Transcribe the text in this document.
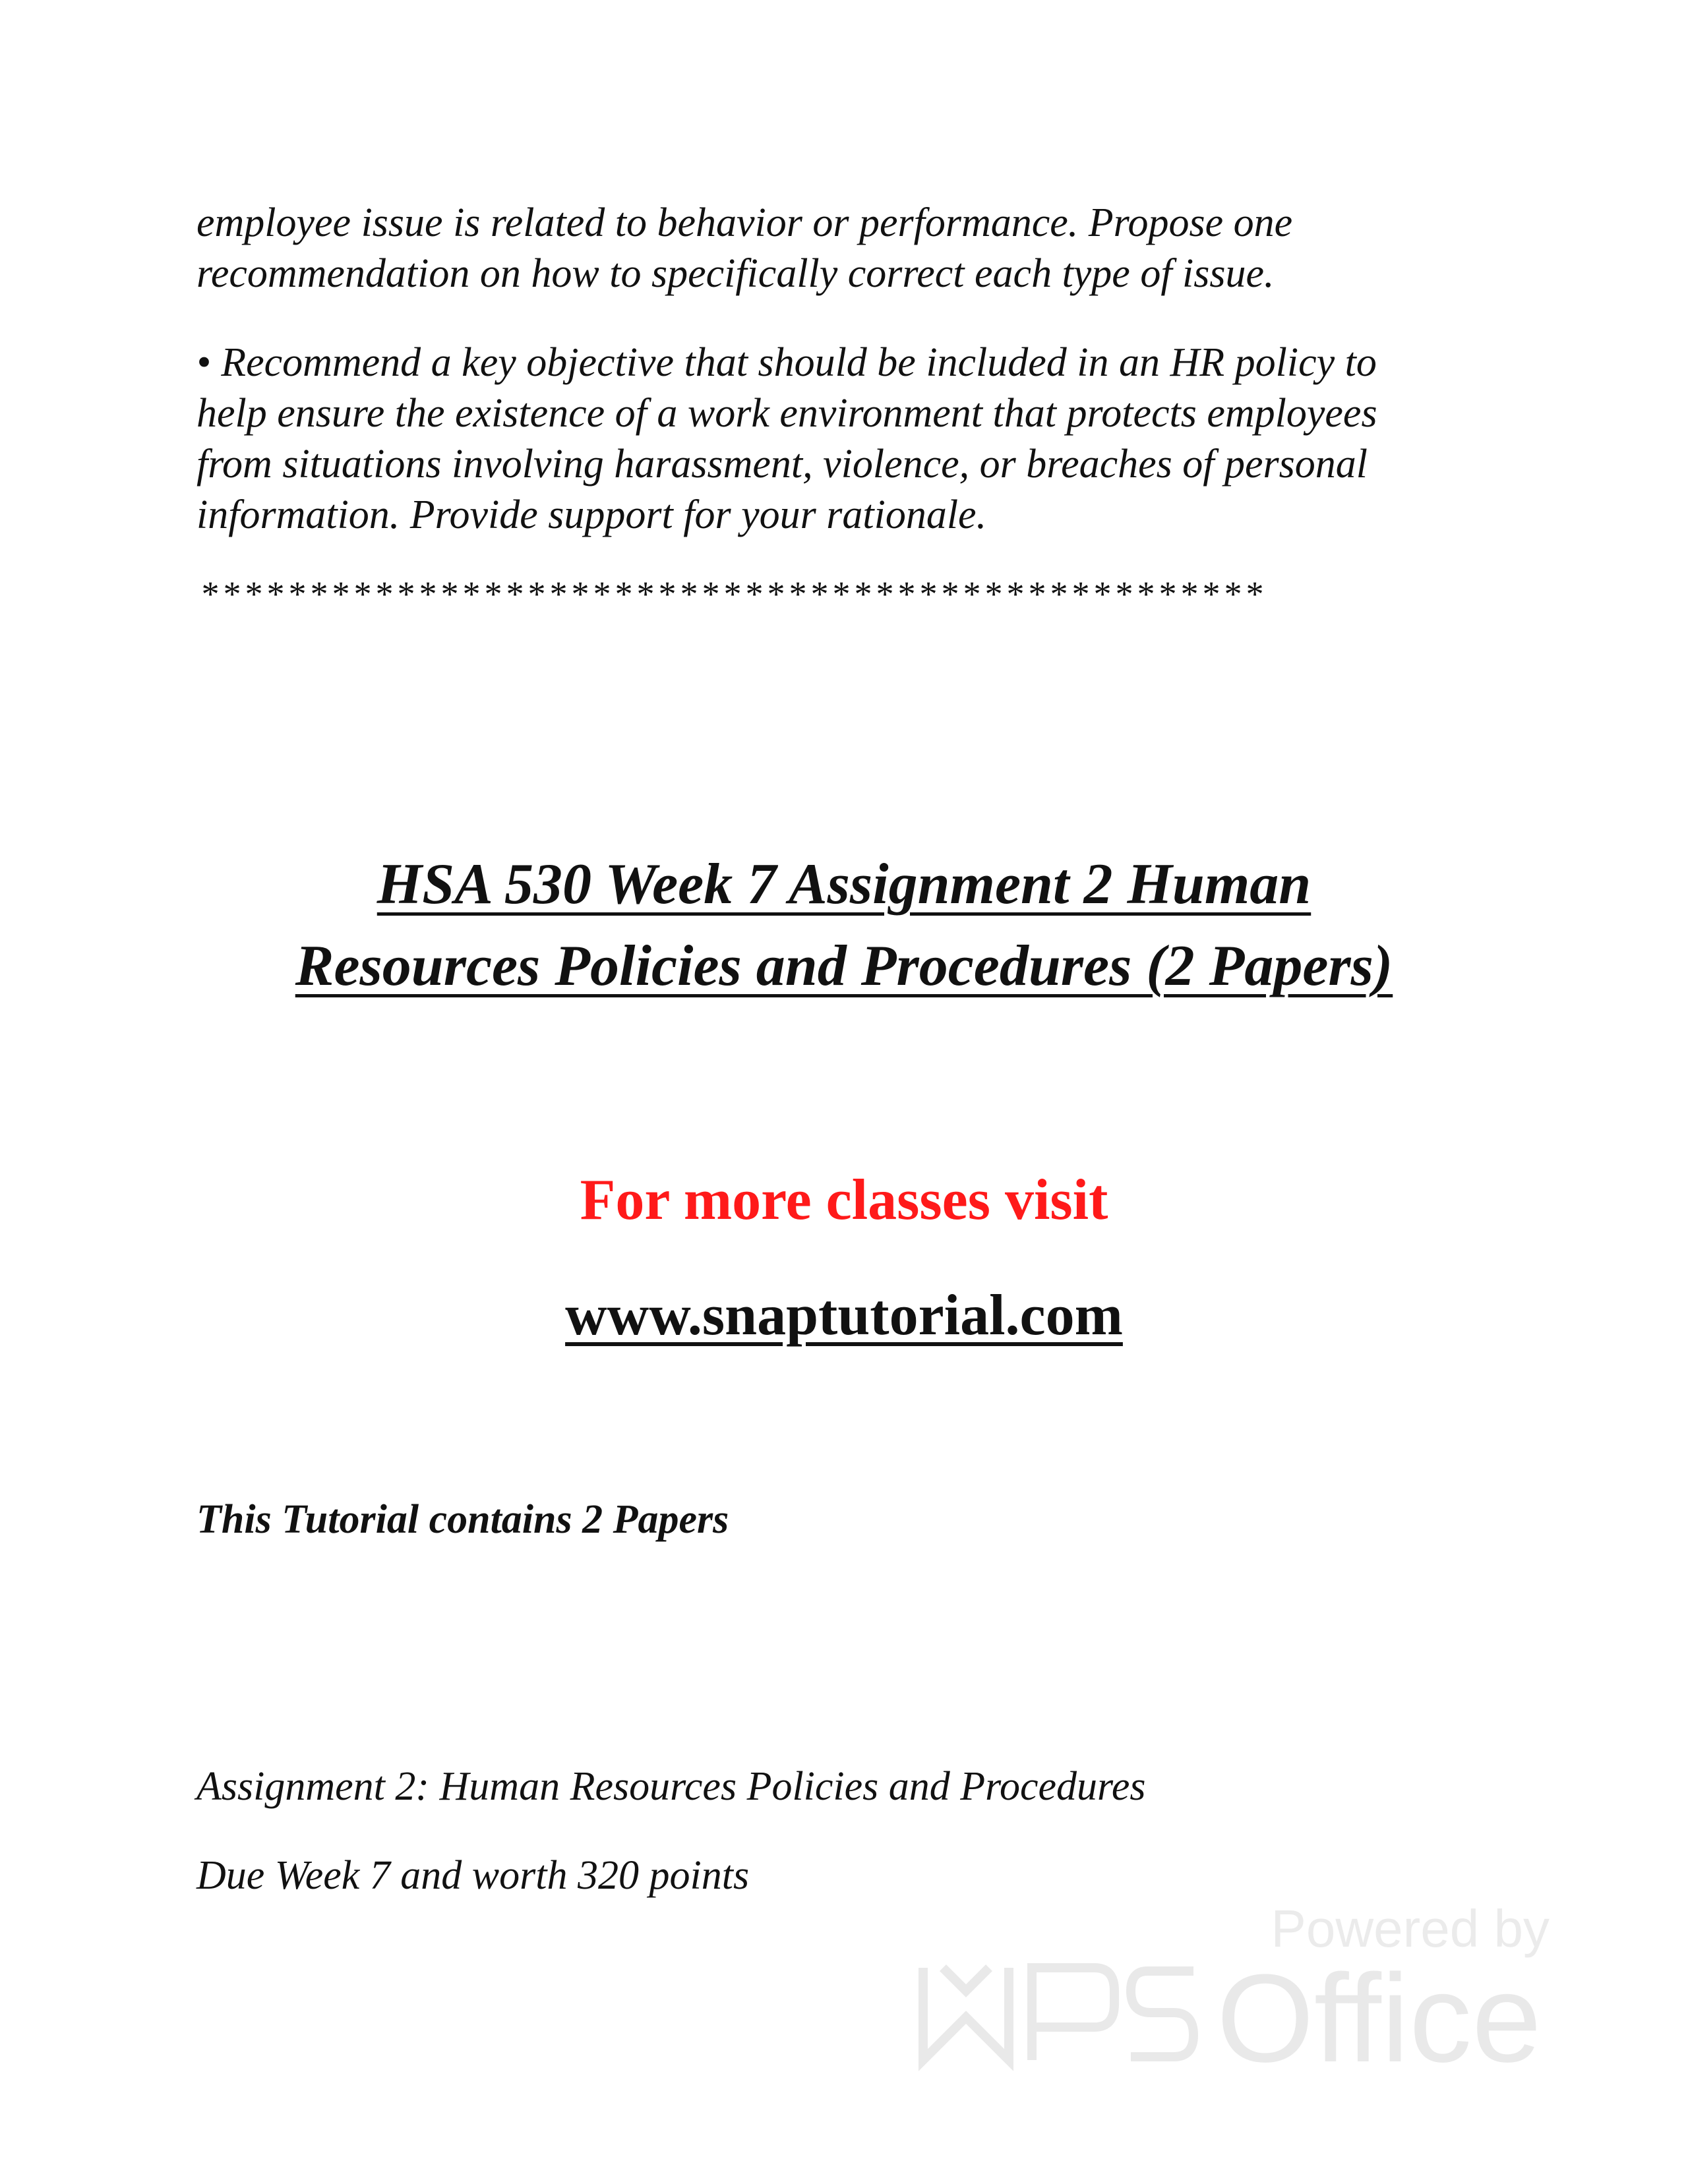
employee issue is related to behavior or performance. Propose one
recommendation on how to specifically correct each type of issue.
• Recommend a key objective that should be included in an HR policy to
help ensure the existence of a work environment that protects employees
from situations involving harassment, violence, or breaches of personal
information. Provide support for your rationale.

*************************************************

HSA 530 Week 7 Assignment 2 Human
Resources Policies and Procedures (2 Papers)

For more classes visit

www.snaptutorial.com

This Tutorial contains 2 Papers

Assignment 2: Human Resources Policies and Procedures

Due Week 7 and worth 320 points

Powered by
Office
